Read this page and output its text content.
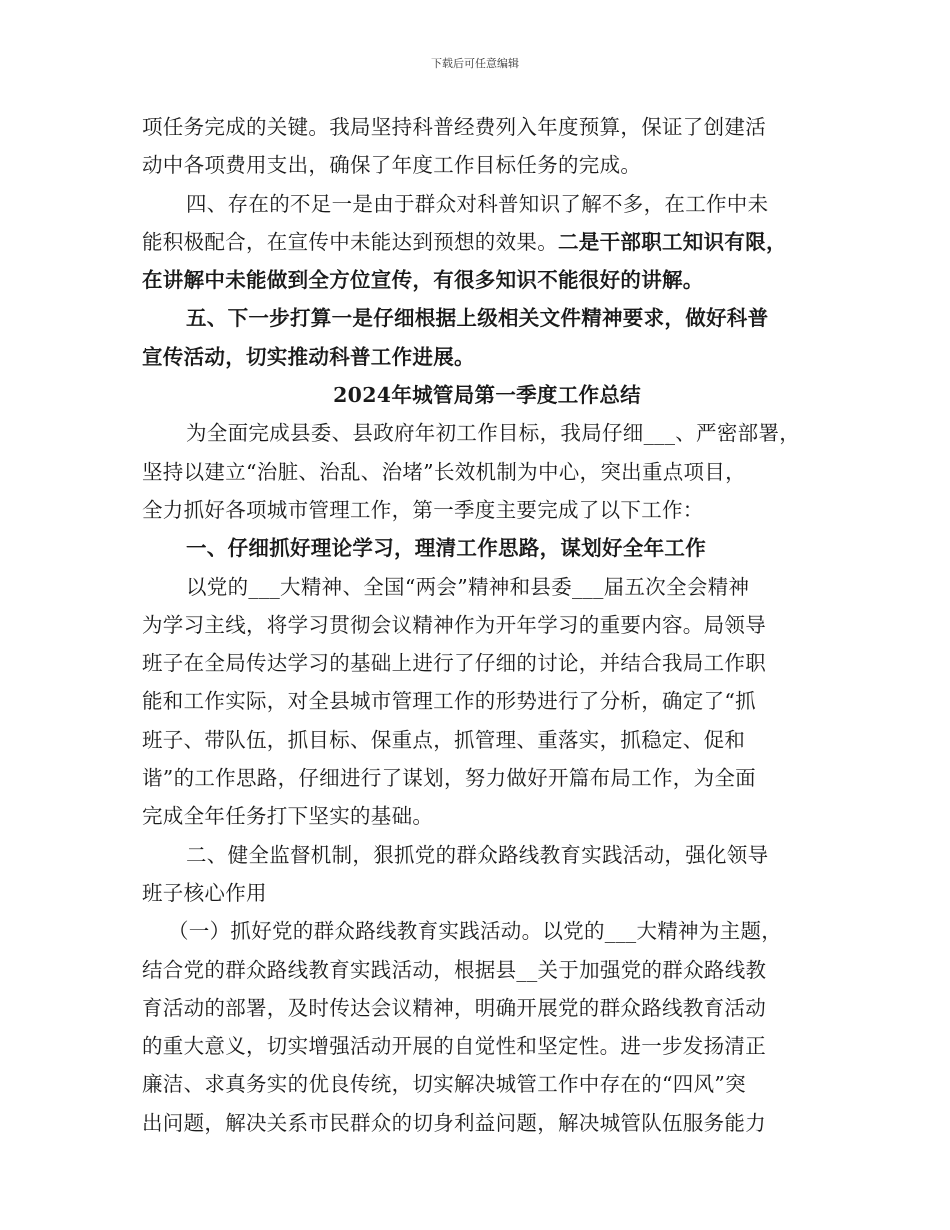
下载后可任意编辑
项任务完成的关键。我局坚持科普经费列入年度预算，保证了创建活
动中各项费用支出，确保了年度工作目标任务的完成。
四、存在的不足一是由于群众对科普知识了解不多，在工作中未
能积极配合，在宣传中未能达到预想的效果。二是干部职工知识有限，
在讲解中未能做到全方位宣传，有很多知识不能很好的讲解。
五、下一步打算一是仔细根据上级相关文件精神要求，做好科普
宣传活动，切实推动科普工作进展。
2024年城管局第一季度工作总结
为全面完成县委、县政府年初工作目标，我局仔细___、严密部署，
坚持以建立“治脏、治乱、治堵”长效机制为中心，突出重点项目，
全力抓好各项城市管理工作，第一季度主要完成了以下工作：
一、仔细抓好理论学习，理清工作思路，谋划好全年工作
以党的___大精神、全国“两会”精神和县委___届五次全会精神
为学习主线，将学习贯彻会议精神作为开年学习的重要内容。局领导
班子在全局传达学习的基础上进行了仔细的讨论，并结合我局工作职
能和工作实际，对全县城市管理工作的形势进行了分析，确定了“抓
班子、带队伍，抓目标、保重点，抓管理、重落实，抓稳定、促和
谐”的工作思路，仔细进行了谋划，努力做好开篇布局工作，为全面
完成全年任务打下坚实的基础。
二、健全监督机制，狠抓党的群众路线教育实践活动，强化领导
班子核心作用
（一）抓好党的群众路线教育实践活动。以党的___大精神为主题，
结合党的群众路线教育实践活动，根据县__关于加强党的群众路线教
育活动的部署，及时传达会议精神，明确开展党的群众路线教育活动
的重大意义，切实增强活动开展的自觉性和坚定性。进一步发扬清正
廉洁、求真务实的优良传统，切实解决城管工作中存在的“四风”突
出问题，解决关系市民群众的切身利益问题，解决城管队伍服务能力
